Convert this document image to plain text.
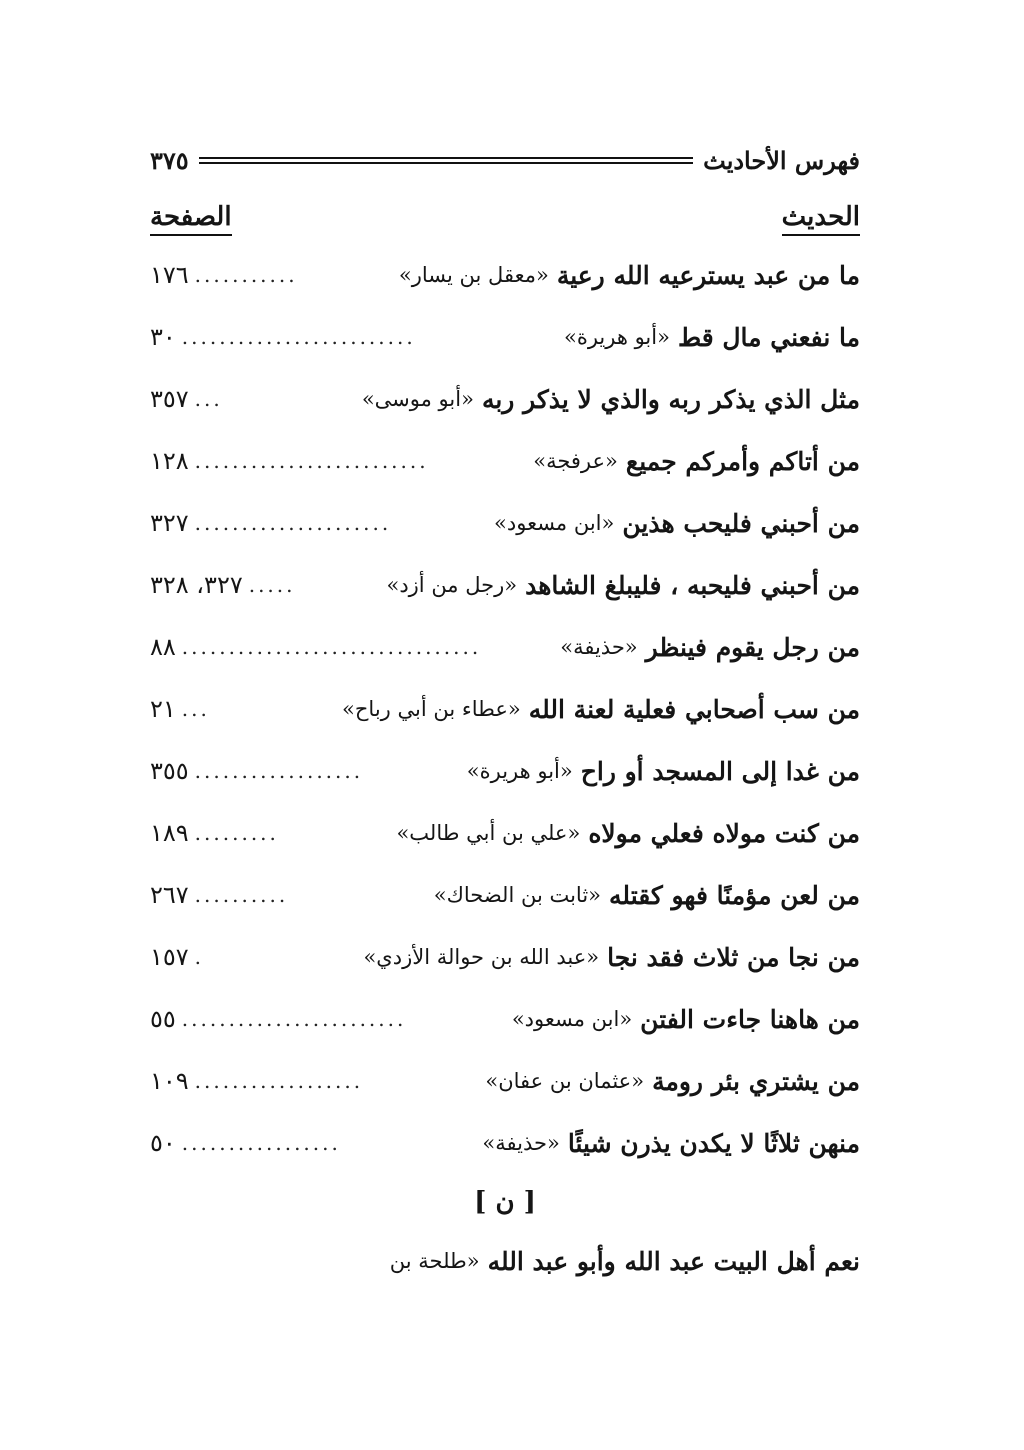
فهرس الأحاديث
٣٧٥
الحديث
الصفحة
ما من عبد يسترعيه الله رعية
«معقل بن يسار»
...........
١٧٦
ما نفعني مال قط
«أبو هريرة»
.........................
٣٠
مثل الذي يذكر ربه والذي لا يذكر ربه
«أبو موسى»
...
٣٥٧
من أتاكم وأمركم جميع
«عرفجة»
.........................
١٢٨
من أحبني فليحب هذين
«ابن مسعود»
.....................
٣٢٧
من أحبني فليحبه ، فليبلغ الشاهد
«رجل من أزد»
.....
٣٢٧، ٣٢٨
من رجل يقوم فينظر
«حذيفة»
................................
٨٨
من سب أصحابي فعلية لعنة الله
«عطاء بن أبي رباح»
...
٢١
من غدا إلى المسجد أو راح
«أبو هريرة»
..................
٣٥٥
من كنت مولاه فعلي مولاه
«علي بن أبي طالب»
.........
١٨٩
من لعن مؤمنًا فهو كقتله
«ثابت بن الضحاك»
..........
٢٦٧
من نجا من ثلاث فقد نجا
«عبد الله بن حوالة الأزدي»
.
١٥٧
من هاهنا جاءت الفتن
«ابن مسعود»
........................
٥٥
من يشتري بئر رومة
«عثمان بن عفان»
..................
١٠٩
منهن ثلاثًا لا يكدن يذرن شيئًا
«حذيفة»
.................
٥٠
[ ن ]
نعم أهل البيت عبد الله وأبو عبد الله
«طلحة بن
